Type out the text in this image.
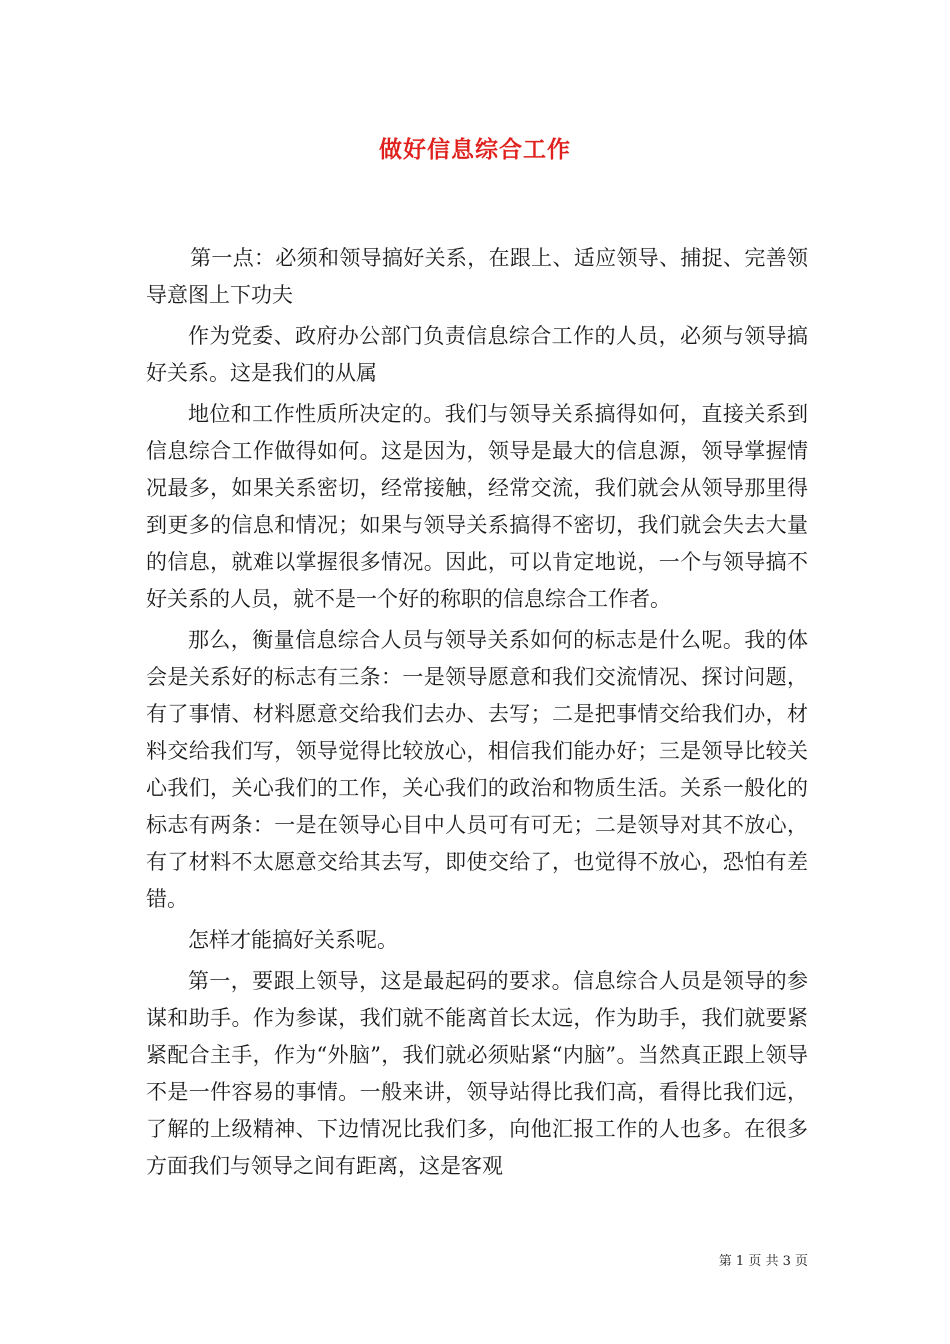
做好信息综合工作

第一点：必须和领导搞好关系，在跟上、适应领导、捕捉、完善领导意图上下功夫

作为党委、政府办公部门负责信息综合工作的人员，必须与领导搞好关系。这是我们的从属

地位和工作性质所决定的。我们与领导关系搞得如何，直接关系到信息综合工作做得如何。这是因为，领导是最大的信息源，领导掌握情况最多，如果关系密切，经常接触，经常交流，我们就会从领导那里得到更多的信息和情况；如果与领导关系搞得不密切，我们就会失去大量的信息，就难以掌握很多情况。因此，可以肯定地说，一个与领导搞不好关系的人员，就不是一个好的称职的信息综合工作者。

那么，衡量信息综合人员与领导关系如何的标志是什么呢。我的体会是关系好的标志有三条：一是领导愿意和我们交流情况、探讨问题，有了事情、材料愿意交给我们去办、去写；二是把事情交给我们办，材料交给我们写，领导觉得比较放心，相信我们能办好；三是领导比较关心我们，关心我们的工作，关心我们的政治和物质生活。关系一般化的标志有两条：一是在领导心目中人员可有可无；二是领导对其不放心，有了材料不太愿意交给其去写，即使交给了，也觉得不放心，恐怕有差错。

怎样才能搞好关系呢。

第一，要跟上领导，这是最起码的要求。信息综合人员是领导的参谋和助手。作为参谋，我们就不能离首长太远，作为助手，我们就要紧紧配合主手，作为“外脑”，我们就必须贴紧“内脑”。当然真正跟上领导不是一件容易的事情。一般来讲，领导站得比我们高，看得比我们远，了解的上级精神、下边情况比我们多，向他汇报工作的人也多。在很多方面我们与领导之间有距离，这是客观

第 1 页 共 3 页
